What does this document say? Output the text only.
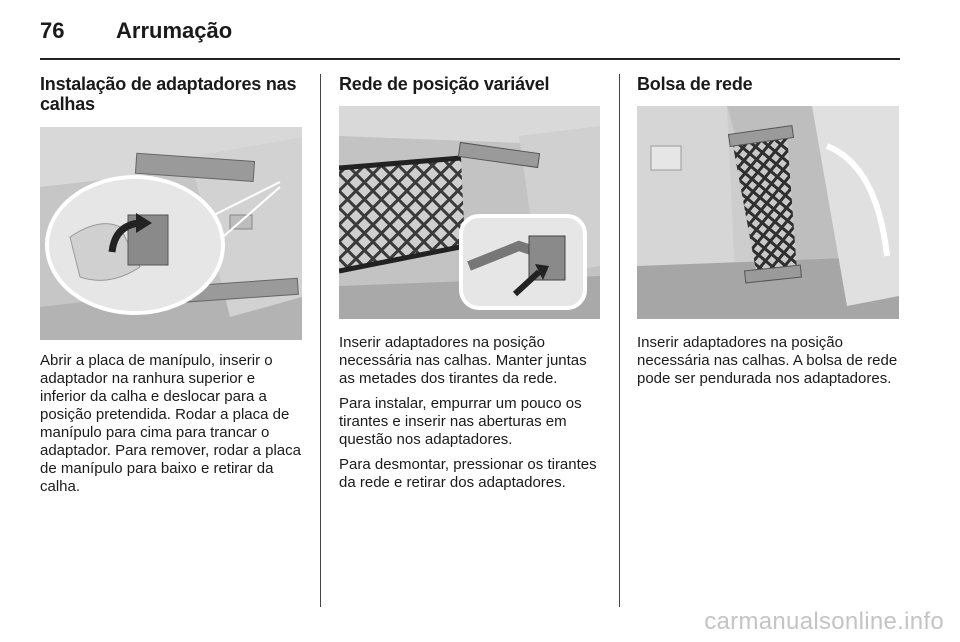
76 Arrumação
Instalação de adaptadores nas calhas

Abrir a placa de manípulo, inserir o adaptador na ranhura superior e inferior da calha e deslocar para a posição pretendida. Rodar a placa de manípulo para cima para trancar o adaptador. Para remover, rodar a placa de manípulo para baixo e retirar da calha.

Rede de posição variável

Inserir adaptadores na posição necessária nas calhas. Manter juntas as metades dos tirantes da rede.

Para instalar, empurrar um pouco os tirantes e inserir nas aberturas em questão nos adaptadores.

Para desmontar, pressionar os tirantes da rede e retirar dos adaptadores.

Bolsa de rede

Inserir adaptadores na posição necessária nas calhas. A bolsa de rede pode ser pendurada nos adaptadores.

carmanualsonline.info
